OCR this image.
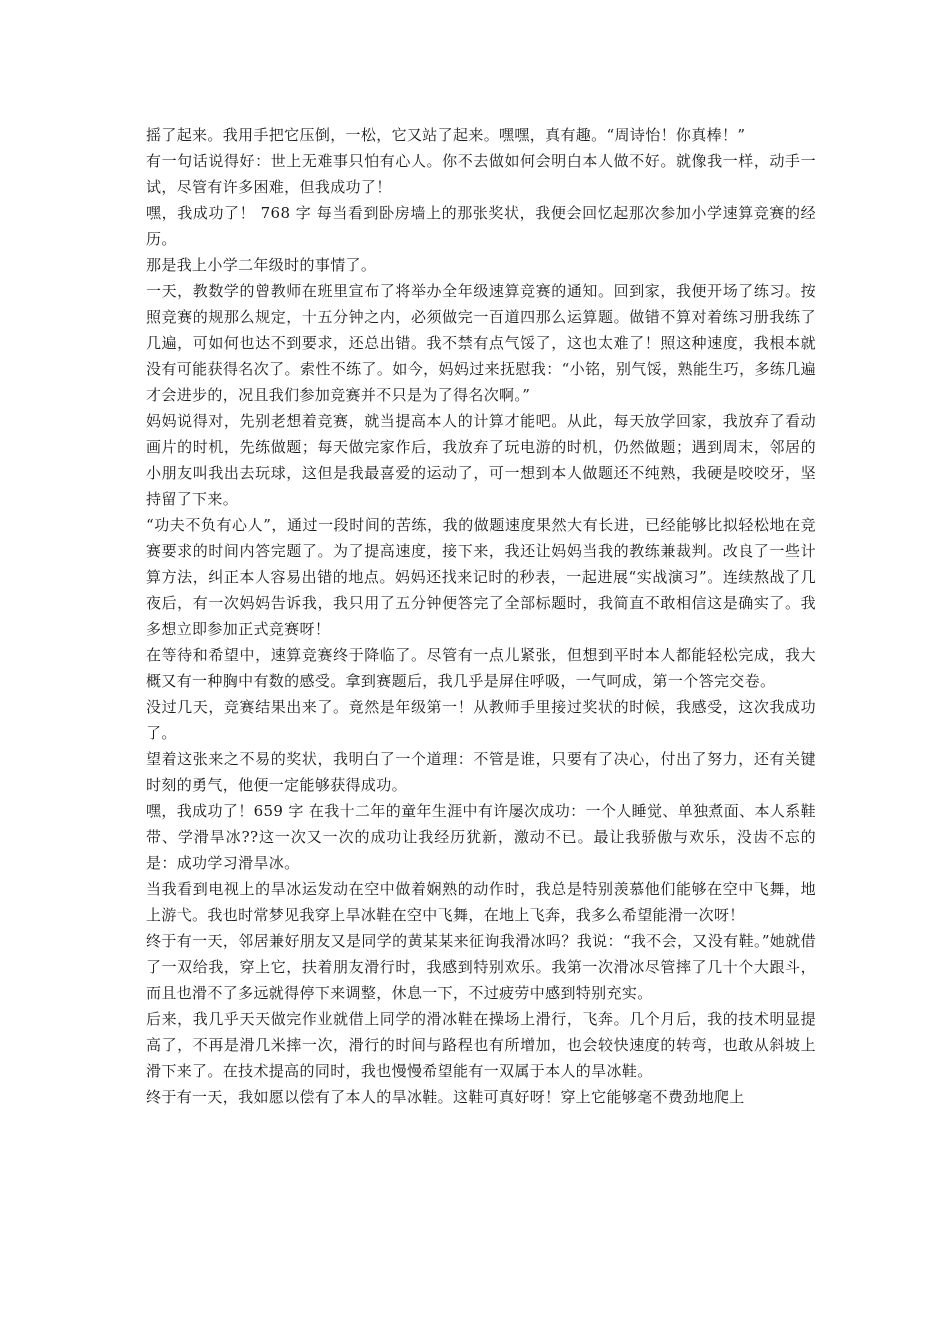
摇了起来。我用手把它压倒，一松，它又站了起来。嘿嘿，真有趣。“周诗怡！你真棒！”

有一句话说得好：世上无难事只怕有心人。你不去做如何会明白本人做不好。就像我一样，动手一试，尽管有许多困难，但我成功了！

嘿，我成功了！ 768 字 每当看到卧房墙上的那张奖状，我便会回忆起那次参加小学速算竞赛的经历。

那是我上小学二年级时的事情了。

一天，教数学的曾教师在班里宣布了将举办全年级速算竞赛的通知。回到家，我便开场了练习。按照竞赛的规那么规定，十五分钟之内，必须做完一百道四那么运算题。做错不算对着练习册我练了几遍，可如何也达不到要求，还总出错。我不禁有点气馁了，这也太难了！照这种速度，我根本就没有可能获得名次了。索性不练了。如今，妈妈过来抚慰我：“小铭，别气馁，熟能生巧，多练几遍才会进步的，况且我们参加竞赛并不只是为了得名次啊。”

妈妈说得对，先别老想着竞赛，就当提高本人的计算才能吧。从此，每天放学回家，我放弃了看动画片的时机，先练做题；每天做完家作后，我放弃了玩电游的时机，仍然做题；遇到周末，邻居的小朋友叫我出去玩球，这但是我最喜爱的运动了，可一想到本人做题还不纯熟，我硬是咬咬牙，坚持留了下来。

“功夫不负有心人”，通过一段时间的苦练，我的做题速度果然大有长进，已经能够比拟轻松地在竞赛要求的时间内答完题了。为了提高速度，接下来，我还让妈妈当我的教练兼裁判。改良了一些计算方法，纠正本人容易出错的地点。妈妈还找来记时的秒表，一起进展“实战演习”。连续熬战了几夜后，有一次妈妈告诉我，我只用了五分钟便答完了全部标题时，我简直不敢相信这是确实了。我多想立即参加正式竞赛呀！

在等待和希望中，速算竞赛终于降临了。尽管有一点儿紧张，但想到平时本人都能轻松完成，我大概又有一种胸中有数的感受。拿到赛题后，我几乎是屏住呼吸，一气呵成，第一个答完交卷。

没过几天，竞赛结果出来了。竟然是年级第一！从教师手里接过奖状的时候，我感受，这次我成功了。

望着这张来之不易的奖状，我明白了一个道理：不管是谁，只要有了决心，付出了努力，还有关键时刻的勇气，他便一定能够获得成功。

嘿，我成功了！659 字 在我十二年的童年生涯中有许屡次成功：一个人睡觉、单独煮面、本人系鞋带、学滑旱冰??这一次又一次的成功让我经历犹新，激动不已。最让我骄傲与欢乐，没齿不忘的是：成功学习滑旱冰。

当我看到电视上的旱冰运发动在空中做着娴熟的动作时，我总是特别羡慕他们能够在空中飞舞，地上游弋。我也时常梦见我穿上旱冰鞋在空中飞舞，在地上飞奔，我多么希望能滑一次呀！

终于有一天，邻居兼好朋友又是同学的黄某某来征询我滑冰吗？我说：“我不会，又没有鞋。”她就借了一双给我，穿上它，扶着朋友滑行时，我感到特别欢乐。我第一次滑冰尽管摔了几十个大跟斗，而且也滑不了多远就得停下来调整，休息一下，不过疲劳中感到特别充实。

后来，我几乎天天做完作业就借上同学的滑冰鞋在操场上滑行，飞奔。几个月后，我的技术明显提高了，不再是滑几米摔一次，滑行的时间与路程也有所增加，也会较快速度的转弯，也敢从斜坡上滑下来了。在技术提高的同时，我也慢慢希望能有一双属于本人的旱冰鞋。

终于有一天，我如愿以偿有了本人的旱冰鞋。这鞋可真好呀！穿上它能够毫不费劲地爬上
